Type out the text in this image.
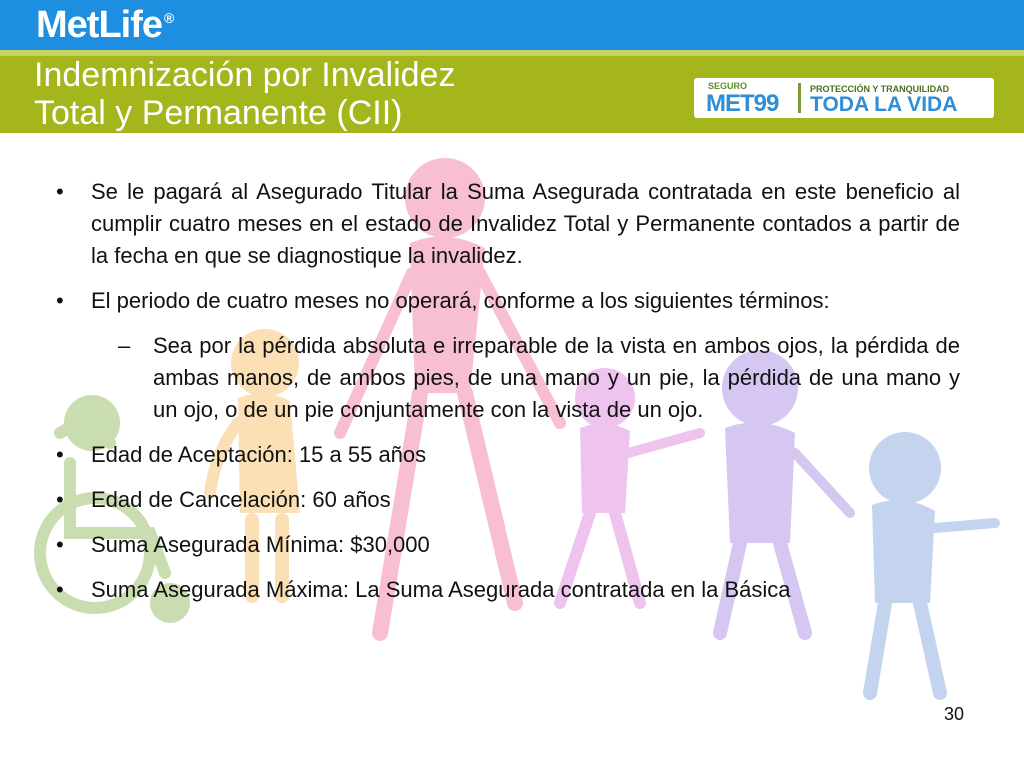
MetLife ®
Indemnización por Invalidez
Total y Permanente (CII)
SEGURO
MET99
PROTECCIÓN Y TRANQUILIDAD
TODA LA VIDA
• Se le pagará al Asegurado Titular la Suma Asegurada contratada en este beneficio al cumplir cuatro meses en el estado de Invalidez Total y Permanente contados a partir de la fecha en que se diagnostique la invalidez.
• El periodo de cuatro meses no operará, conforme a los siguientes términos:
– Sea por la pérdida absoluta e irreparable de la vista en ambos ojos, la pérdida de ambas manos, de ambos pies, de una mano y un pie, la pérdida de una mano y un ojo, o de un pie conjuntamente con la vista de un ojo.
• Edad de Aceptación: 15 a 55 años
• Edad de Cancelación: 60 años
• Suma Asegurada Mínima: $30,000
• Suma Asegurada Máxima: La Suma Asegurada contratada en la Básica
30
